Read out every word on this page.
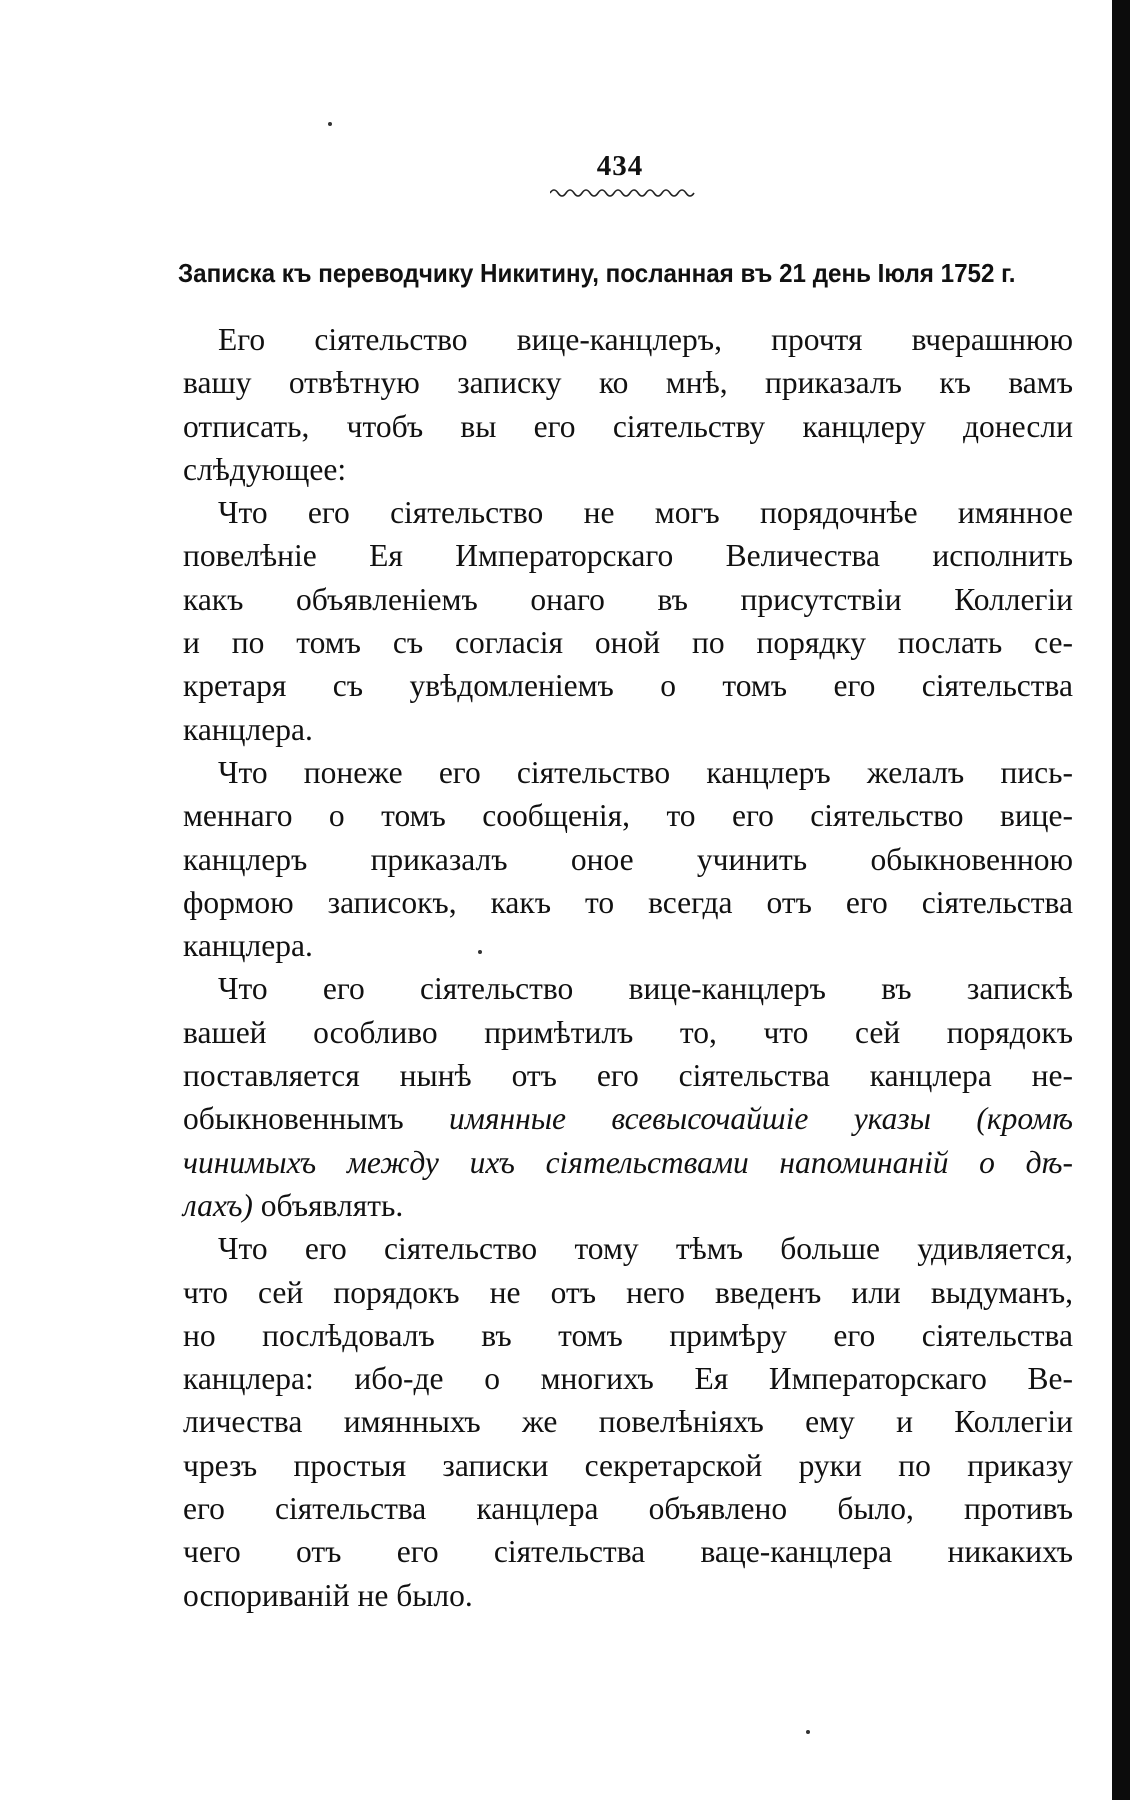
434
Записка къ переводчику Никитину, посланная въ 21 день Іюля 1752 г.
Его сіятельство вице-канцлеръ, прочтя вчерашнюю
вашу отвѣтную записку ко мнѣ, приказалъ къ вамъ
отписать, чтобъ вы его сіятельству канцлеру донесли
слѣдующее:
Что его сіятельство не могъ порядочнѣе имянное
повелѣніе Ея Императорскаго Величества исполнить
какъ объявленіемъ онаго въ присутствіи Коллегіи
и по томъ съ согласія оной по порядку послать се-
кретаря съ увѣдомленіемъ о томъ его сіятельства
канцлера.
Что понеже его сіятельство канцлеръ желалъ пись-
меннаго о томъ сообщенія, то его сіятельство вице-
канцлеръ приказалъ оное учинить обыкновенною
формою записокъ, какъ то всегда отъ его сіятельства
канцлера.
Что его сіятельство вице-канцлеръ въ запискѣ
вашей особливо примѣтилъ то, что сей порядокъ
поставляется нынѣ отъ его сіятельства канцлера не-
обыкновеннымъ имянные всевысочайшіе указы (кромѣ
чинимыхъ между ихъ сіятельствами напоминаній о дѣ-
лахъ) объявлять.
Что его сіятельство тому тѣмъ больше удивляется,
что сей порядокъ не отъ него введенъ или выдуманъ,
но послѣдовалъ въ томъ примѣру его сіятельства
канцлера: ибо-де о многихъ Ея Императорскаго Ве-
личества имянныхъ же повелѣніяхъ ему и Коллегіи
чрезъ простыя записки секретарской руки по приказу
его сіятельства канцлера объявлено было, противъ
чего отъ его сіятельства ваце-канцлера никакихъ
оспориваній не было.
